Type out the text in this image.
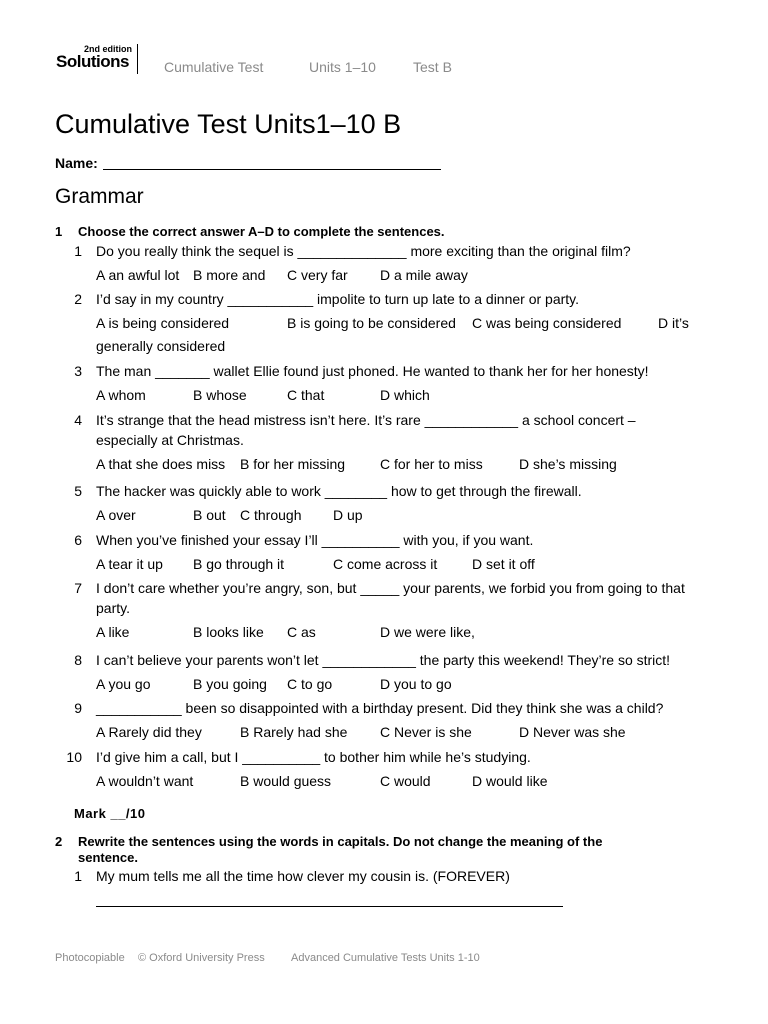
2nd edition
Solutions	Cumulative Test	Units 1–10	Test B
Cumulative Test Units1–10 B
Name:
Grammar
1 Choose the correct answer A–D to complete the sentences.
1 Do you really think the sequel is ______________ more exciting than the original film?
A an awful lot B more and C very far D a mile away
2 I’d say in my country ___________ impolite to turn up late to a dinner or party.
A is being considered	B is going to be considered C was being considered	D it’s
generally considered
3 The man _______ wallet Ellie found just phoned. He wanted to thank her for her honesty!
A whom	B whose	C that	D which
4 It’s strange that the head mistress isn’t here. It’s rare ____________ a school concert –
especially at Christmas.
A that she does miss B for her missing C for her to miss	D she’s missing
5 The hacker was quickly able to work ________ how to get through the firewall.
A over	B out C through D up
6 When you’ve finished your essay I’ll __________ with you, if you want.
A tear it up B go through it	C come across it D set it off
7 I don’t care whether you’re angry, son, but _____ your parents, we forbid you from going to that
party.
A like	B looks like C as	D we were like,
8 I can’t believe your parents won’t let ____________ the party this weekend! They’re so strict!
A you go	B you going C to go	D you to go
9 ___________ been so disappointed with a birthday present. Did they think she was a child?
A Rarely did they	B Rarely had she C Never is she	D Never was she
10 I’d give him a call, but I __________ to bother him while he’s studying.
A wouldn’t want	B would guess	C would	D would like
Mark __/10
2 Rewrite the sentences using the words in capitals. Do not change the meaning of the
sentence.
1 My mum tells me all the time how clever my cousin is. (FOREVER)
Photocopiable © Oxford University Press Advanced Cumulative Tests Units 1-10
